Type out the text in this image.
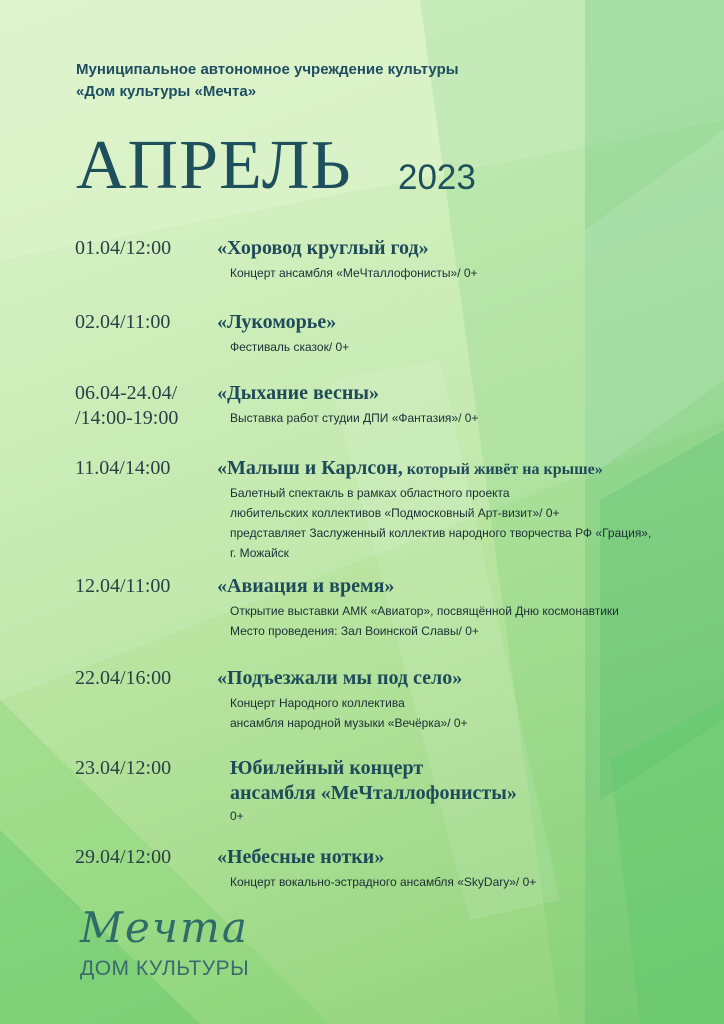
Муниципальное автономное учреждение культуры
«Дом культуры «Мечта»
АПРЕЛЬ 2023
01.04/12:00 «Хоровод круглый год»
Концерт ансамбля «МеЧталлофонисты»/ 0+
02.04/11:00 «Лукоморье»
Фестиваль сказок/ 0+
06.04-24.04/
/14:00-19:00
«Дыхание весны»
Выставка работ студии ДПИ «Фантазия»/ 0+
11.04/14:00 «Малыш и Карлсон, который живёт на крыше»
Балетный спектакль в рамках областного проекта
любительских коллективов «Подмосковный Арт-визит»/ 0+
представляет Заслуженный коллектив народного творчества РФ «Грация»,
г. Можайск
12.04/11:00 «Авиация и время»
Открытие выставки АМК «Авиатор», посвящённой Дню космонавтики
Место проведения: Зал Воинской Славы/ 0+
22.04/16:00 «Подъезжали мы под село»
Концерт Народного коллектива
ансамбля народной музыки «Вечёрка»/ 0+
23.04/12:00	Юбилейный концерт
ансамбля «МеЧталлофонисты»
0+
29.04/12:00 «Небесные нотки»
Концерт вокально-эстрадного ансамбля «SkyDary»/ 0+
Мечта
ДОМ КУЛЬТУРЫ
